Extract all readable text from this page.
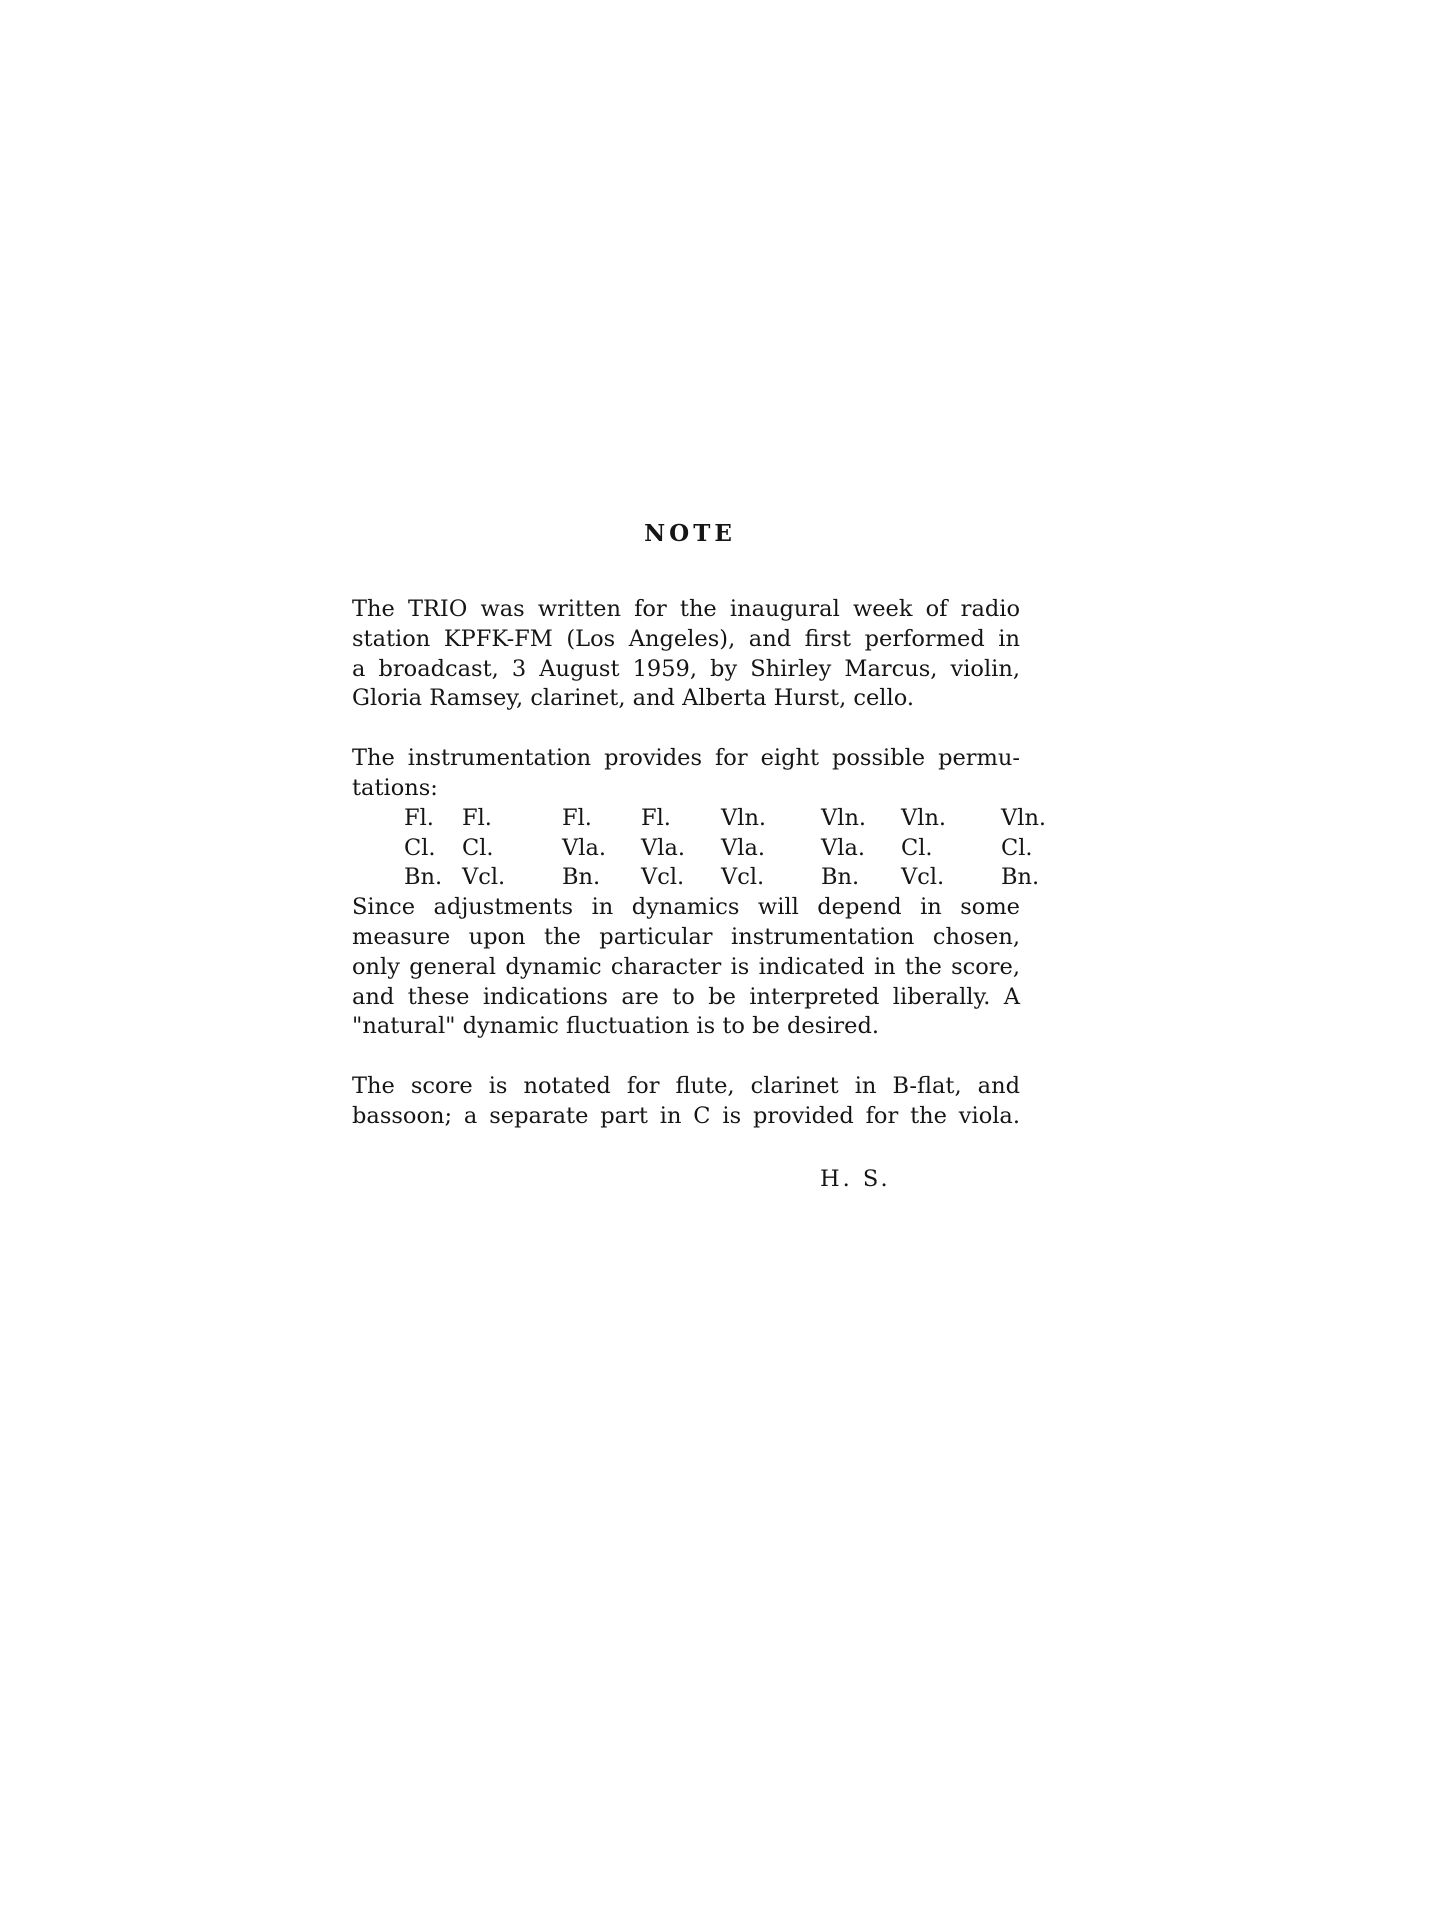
NOTE
The TRIO was written for the inaugural week of radio
station KPFK-FM (Los Angeles), and first performed in
a broadcast, 3 August 1959, by Shirley Marcus, violin,
Gloria Ramsey, clarinet, and Alberta Hurst, cello.
The instrumentation provides for eight possible permu-
tations:
Fl.	Fl.	Fl.	Fl.	Vln.	Vln.	Vln.	Vln.
Cl.	Cl.	Vla.	Vla.	Vla.	Vla.	Cl.	Cl.
Bn.	Vcl.	Bn.	Vcl.	Vcl.	Bn.	Vcl.	Bn.
Since adjustments in dynamics will depend in some
measure upon the particular instrumentation chosen,
only general dynamic character is indicated in the score,
and these indications are to be interpreted liberally. A
"natural" dynamic fluctuation is to be desired.
The score is notated for flute, clarinet in B-flat, and
bassoon; a separate part in C is provided for the viola.
H. S.
